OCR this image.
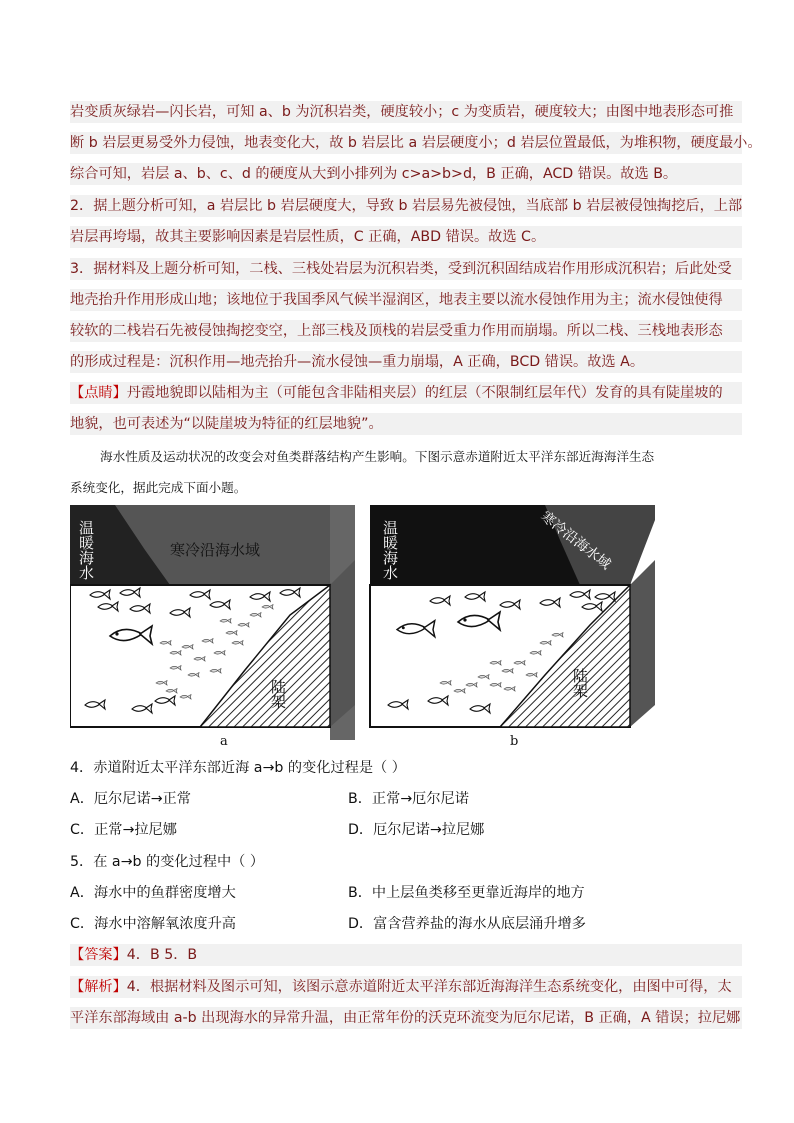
岩变质灰绿岩—闪长岩，可知 a、b 为沉积岩类，硬度较小；c 为变质岩，硬度较大；由图中地表形态可推
断 b 岩层更易受外力侵蚀，地表变化大，故 b 岩层比 a 岩层硬度小；d 岩层位置最低，为堆积物，硬度最小。
综合可知，岩层 a、b、c、d 的硬度从大到小排列为 c>a>b>d，B 正确，ACD 错误。故选 B。
2．据上题分析可知，a 岩层比 b 岩层硬度大，导致 b 岩层易先被侵蚀，当底部 b 岩层被侵蚀掏挖后，上部
岩层再垮塌，故其主要影响因素是岩层性质，C 正确，ABD 错误。故选 C。
3．据材料及上题分析可知，二栈、三栈处岩层为沉积岩类，受到沉积固结成岩作用形成沉积岩；后此处受
地壳抬升作用形成山地；该地位于我国季风气候半湿润区，地表主要以流水侵蚀作用为主；流水侵蚀使得
较软的二栈岩石先被侵蚀掏挖变空，上部三栈及顶栈的岩层受重力作用而崩塌。所以二栈、三栈地表形态
的形成过程是：沉积作用—地壳抬升—流水侵蚀—重力崩塌，A 正确，BCD 错误。故选 A。
【点睛】丹霞地貌即以陆相为主（可能包含非陆相夹层）的红层（不限制红层年代）发育的具有陡崖坡的
地貌，也可表述为“以陡崖坡为特征的红层地貌”。
海水性质及运动状况的改变会对鱼类群落结构产生影响。下图示意赤道附近太平洋东部近海海洋生态
系统变化，据此完成下面小题。
陆架
温暖海水	寒冷沿海水域
a
陆架
温暖海水	寒冷沿海水域
b
4．赤道附近太平洋东部近海 a→b 的变化过程是（ ）
A．厄尔尼诺→正常	B．正常→厄尔尼诺
C．正常→拉尼娜	D．厄尔尼诺→拉尼娜
5．在 a→b 的变化过程中（ ）
A．海水中的鱼群密度增大	B．中上层鱼类移至更靠近海岸的地方
C．海水中溶解氧浓度升高	D．富含营养盐的海水从底层涌升增多
【答案】4．B 5．B
【解析】4．根据材料及图示可知，该图示意赤道附近太平洋东部近海海洋生态系统变化，由图中可得，太
平洋东部海域由 a-b 出现海水的异常升温，由正常年份的沃克环流变为厄尔尼诺，B 正确，A 错误；拉尼娜
